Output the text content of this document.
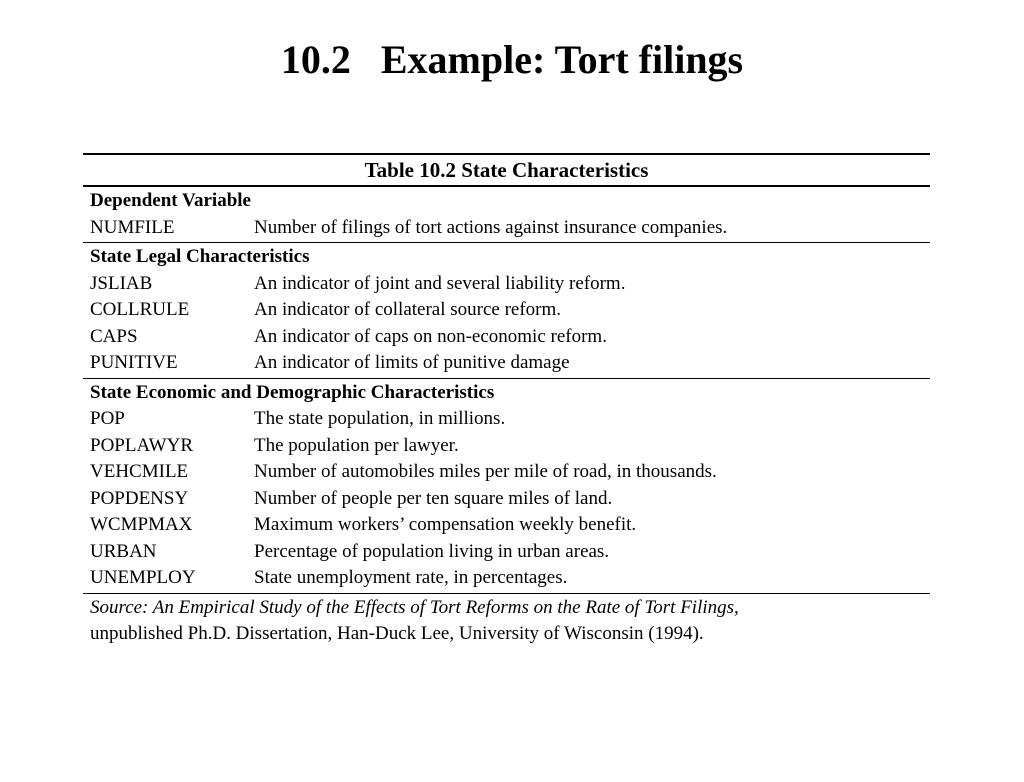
10.2 Example: Tort filings
Table 10.2 State Characteristics
Dependent Variable
NUMFILE	Number of filings of tort actions against insurance companies.
State Legal Characteristics
JSLIAB	An indicator of joint and several liability reform.
COLLRULE	An indicator of collateral source reform.
CAPS	An indicator of caps on non-economic reform.
PUNITIVE	An indicator of limits of punitive damage
State Economic and Demographic Characteristics
POP	The state population, in millions.
POPLAWYR	The population per lawyer.
VEHCMILE	Number of automobiles miles per mile of road, in thousands.
POPDENSY	Number of people per ten square miles of land.
WCMPMAX	Maximum workers’ compensation weekly benefit.
URBAN	Percentage of population living in urban areas.
UNEMPLOY	State unemployment rate, in percentages.
Source: An Empirical Study of the Effects of Tort Reforms on the Rate of Tort Filings,
unpublished Ph.D. Dissertation, Han-Duck Lee, University of Wisconsin (1994).
